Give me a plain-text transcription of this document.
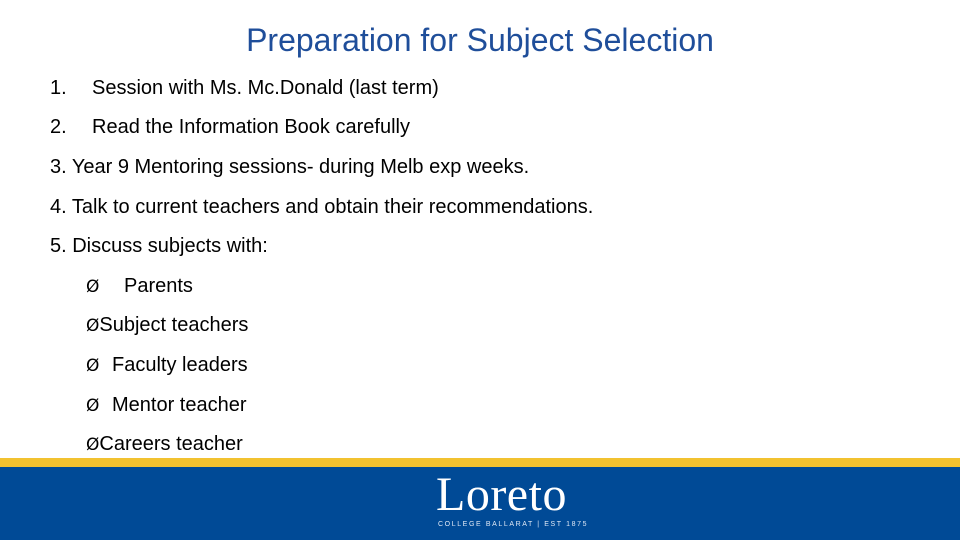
Preparation for Subject Selection
1. Session with Ms. Mc.Donald (last term)
2. Read the Information Book carefully
3. Year 9 Mentoring sessions- during Melb exp weeks.
4. Talk to current teachers and obtain their recommendations.
5. Discuss subjects with:
Ø Parents
ØSubject teachers
Ø Faculty leaders
Ø Mentor teacher
ØCareers teacher
Loreto
COLLEGE BALLARAT | EST 1875
